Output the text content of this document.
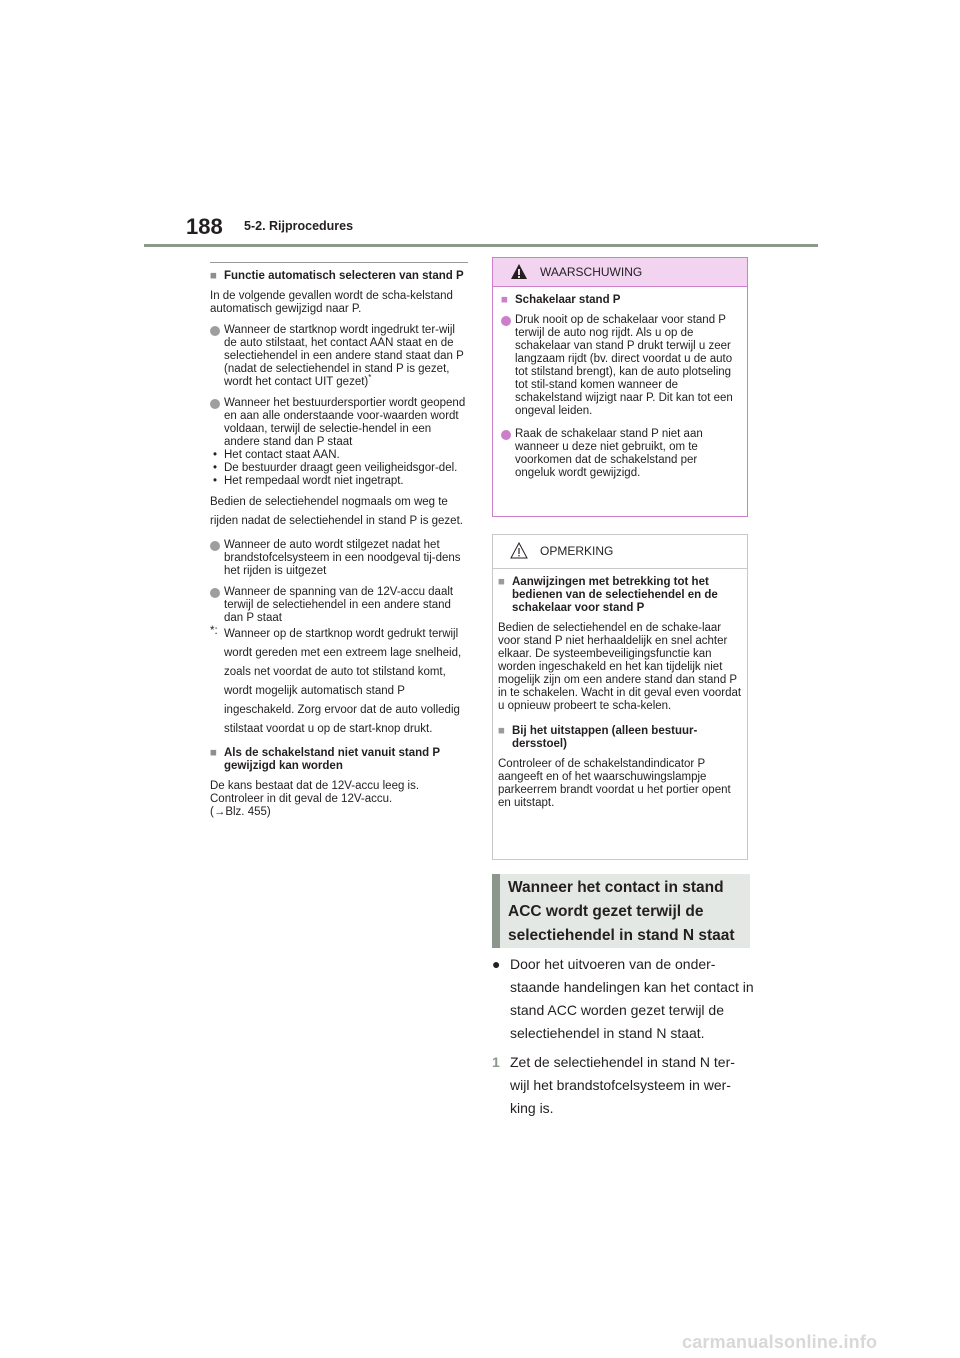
188 5-2. Rijprocedures
■ Functie automatisch selecteren van stand P
In de volgende gevallen wordt de scha-kelstand automatisch gewijzigd naar P.
Wanneer de startknop wordt ingedrukt ter-wijl de auto stilstaat, het contact AAN staat en de selectiehendel in een andere stand staat dan P (nadat de selectiehendel in stand P is gezet, wordt het contact UIT gezet)*
Wanneer het bestuurdersportier wordt geopend en aan alle onderstaande voor-waarden wordt voldaan, terwijl de selectie-hendel in een andere stand dan P staat
• Het contact staat AAN.
• De bestuurder draagt geen veiligheidsgor-del.
• Het rempedaal wordt niet ingetrapt.
Bedien de selectiehendel nogmaals om weg te rijden nadat de selectiehendel in stand P is gezet.
Wanneer de auto wordt stilgezet nadat het brandstofcelsysteem in een noodgeval tij-dens het rijden is uitgezet
Wanneer de spanning van de 12V-accu daalt terwijl de selectiehendel in een andere stand dan P staat
*: Wanneer op de startknop wordt gedrukt terwijl wordt gereden met een extreem lage snelheid, zoals net voordat de auto tot stilstand komt, wordt mogelijk automatisch stand P ingeschakeld. Zorg ervoor dat de auto volledig stilstaat voordat u op de start-knop drukt.
■ Als de schakelstand niet vanuit stand P gewijzigd kan worden
De kans bestaat dat de 12V-accu leeg is. Controleer in dit geval de 12V-accu.
(→Blz. 455)
WAARSCHUWING
■ Schakelaar stand P
Druk nooit op de schakelaar voor stand P terwijl de auto nog rijdt. Als u op de schakelaar van stand P drukt terwijl u zeer langzaam rijdt (bv. direct voordat u de auto tot stilstand brengt), kan de auto plotseling tot stil-stand komen wanneer de schakelstand wijzigt naar P. Dit kan tot een ongeval leiden.
Raak de schakelaar stand P niet aan wanneer u deze niet gebruikt, om te voorkomen dat de schakelstand per ongeluk wordt gewijzigd.
OPMERKING
■ Aanwijzingen met betrekking tot het bedienen van de selectiehendel en de schakelaar voor stand P
Bedien de selectiehendel en de schake-laar voor stand P niet herhaaldelijk en snel achter elkaar. De systeembeveiligingsfunctie kan worden ingeschakeld en het kan tijdelijk niet mogelijk zijn om een andere stand dan stand P in te schakelen. Wacht in dit geval even voordat u opnieuw probeert te scha-kelen.
■ Bij het uitstappen (alleen bestuur-dersstoel)
Controleer of de schakelstandindicator P aangeeft en of het waarschuwingslampje parkeerrem brandt voordat u het portier opent en uitstapt.
Wanneer het contact in stand ACC wordt gezet terwijl de selectiehendel in stand N staat
● Door het uitvoeren van de onder-staande handelingen kan het contact in stand ACC worden gezet terwijl de selectiehendel in stand N staat.
1 Zet de selectiehendel in stand N ter-wijl het brandstofcelsysteem in wer-king is.
carmanualsonline.info
